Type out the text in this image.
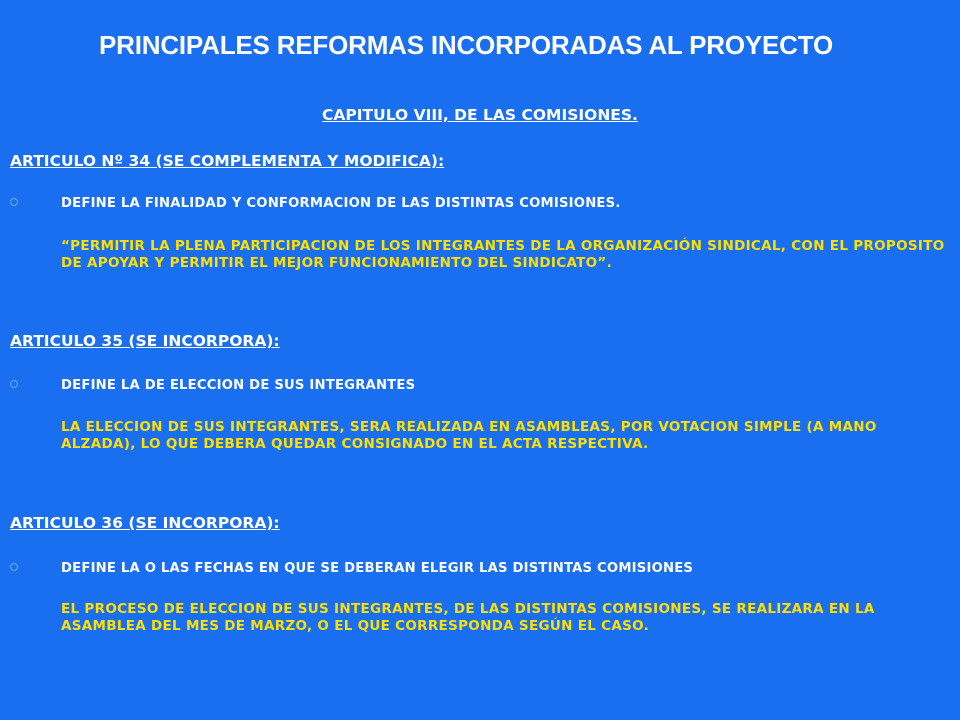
PRINCIPALES REFORMAS INCORPORADAS AL PROYECTO
CAPITULO VIII, DE LAS COMISIONES.
ARTICULO Nº 34 (SE COMPLEMENTA Y MODIFICA):
DEFINE LA FINALIDAD Y CONFORMACION DE LAS DISTINTAS COMISIONES.

“PERMITIR LA PLENA PARTICIPACION DE LOS INTEGRANTES DE LA ORGANIZACIÓN SINDICAL, CON EL PROPOSITO DE APOYAR Y PERMITIR EL MEJOR FUNCIONAMIENTO DEL SINDICATO”.

ARTICULO 35 (SE INCORPORA):
DEFINE LA DE ELECCION DE SUS INTEGRANTES

LA ELECCION DE SUS INTEGRANTES, SERA REALIZADA EN ASAMBLEAS, POR VOTACION SIMPLE (A MANO ALZADA), LO QUE DEBERA QUEDAR CONSIGNADO EN EL ACTA RESPECTIVA.

ARTICULO 36 (SE INCORPORA):
DEFINE LA O LAS FECHAS EN QUE SE DEBERAN ELEGIR LAS DISTINTAS COMISIONES

EL PROCESO DE ELECCION DE SUS INTEGRANTES, DE LAS DISTINTAS COMISIONES, SE REALIZARA EN LA ASAMBLEA DEL MES DE MARZO, O EL QUE CORRESPONDA SEGÚN EL CASO.
